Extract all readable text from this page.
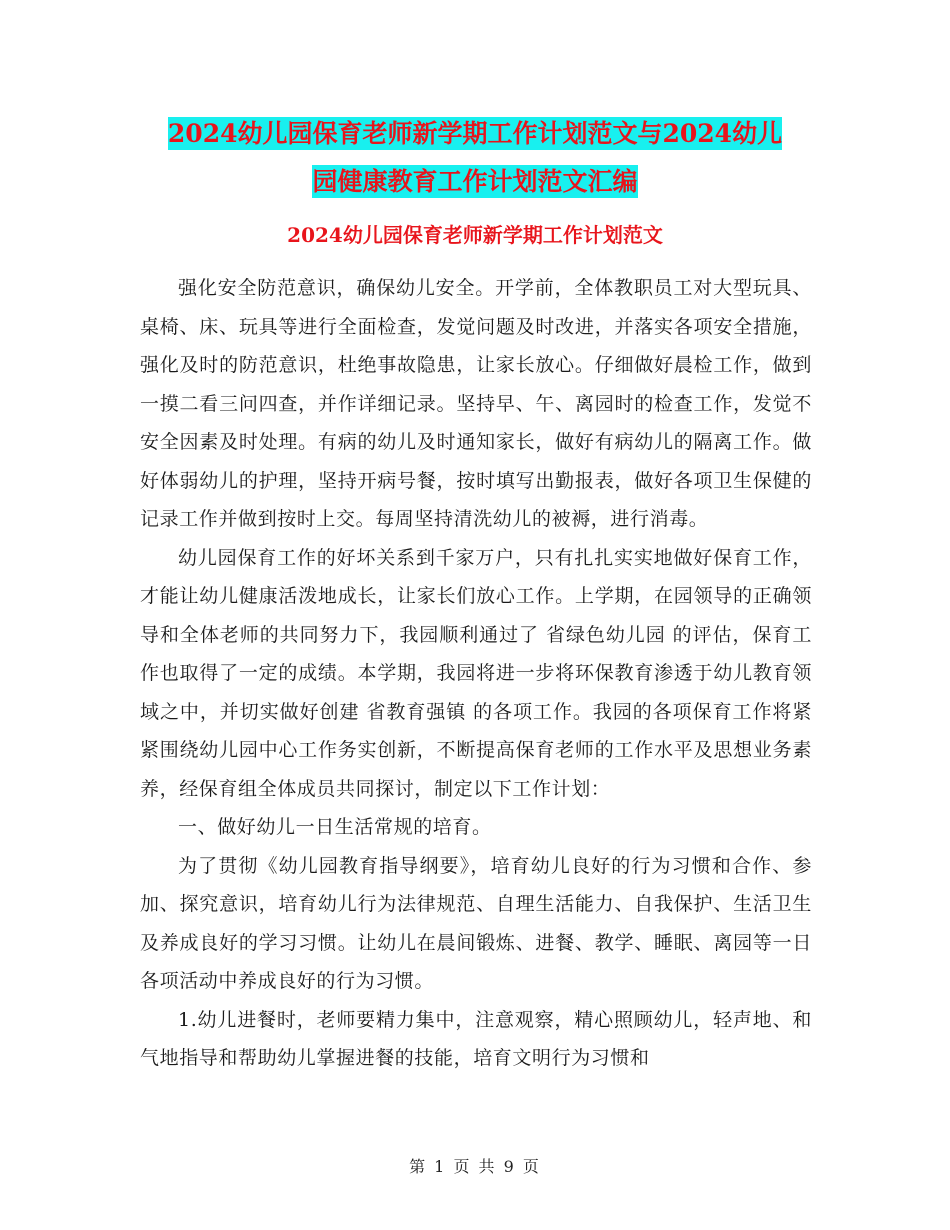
2024幼儿园保育老师新学期工作计划范文与2024幼儿
园健康教育工作计划范文汇编
2024幼儿园保育老师新学期工作计划范文

强化安全防范意识，确保幼儿安全。开学前，全体教职员工对大型玩具、桌椅、床、玩具等进行全面检查，发觉问题及时改进，并落实各项安全措施，强化及时的防范意识，杜绝事故隐患，让家长放心。仔细做好晨检工作，做到一摸二看三问四查，并作详细记录。坚持早、午、离园时的检查工作，发觉不安全因素及时处理。有病的幼儿及时通知家长，做好有病幼儿的隔离工作。做好体弱幼儿的护理，坚持开病号餐，按时填写出勤报表，做好各项卫生保健的记录工作并做到按时上交。每周坚持清洗幼儿的被褥，进行消毒。

幼儿园保育工作的好坏关系到千家万户，只有扎扎实实地做好保育工作，才能让幼儿健康活泼地成长，让家长们放心工作。上学期，在园领导的正确领导和全体老师的共同努力下，我园顺利通过了 省绿色幼儿园 的评估，保育工作也取得了一定的成绩。本学期，我园将进一步将环保教育渗透于幼儿教育领域之中，并切实做好创建 省教育强镇 的各项工作。我园的各项保育工作将紧紧围绕幼儿园中心工作务实创新，不断提高保育老师的工作水平及思想业务素养，经保育组全体成员共同探讨，制定以下工作计划：

一、做好幼儿一日生活常规的培育。

为了贯彻《幼儿园教育指导纲要》，培育幼儿良好的行为习惯和合作、参加、探究意识，培育幼儿行为法律规范、自理生活能力、自我保护、生活卫生及养成良好的学习习惯。让幼儿在晨间锻炼、进餐、教学、睡眠、离园等一日各项活动中养成良好的行为习惯。

1.幼儿进餐时，老师要精力集中，注意观察，精心照顾幼儿，轻声地、和气地指导和帮助幼儿掌握进餐的技能，培育文明行为习惯和

第 1 页 共 9 页
